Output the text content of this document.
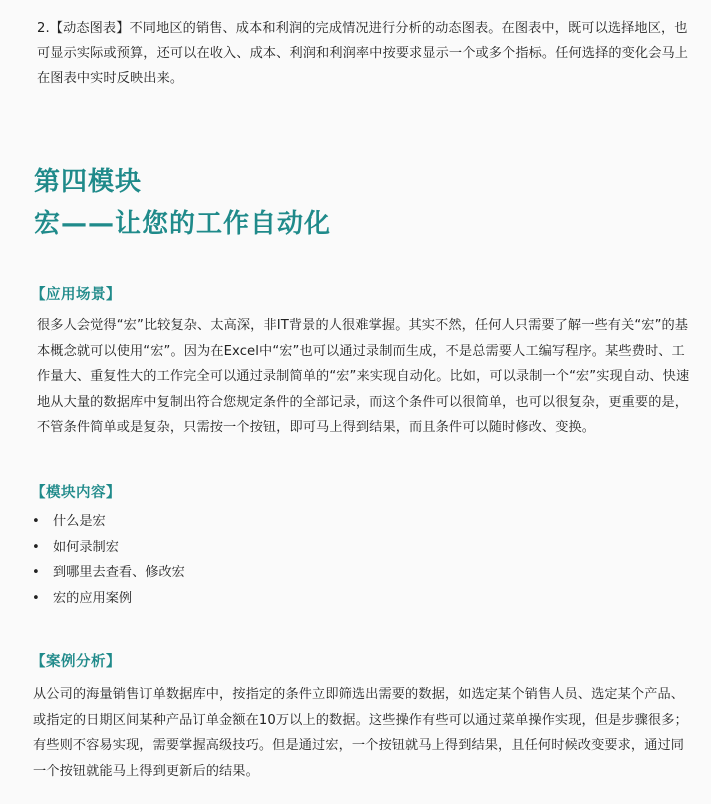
2.【动态图表】不同地区的销售、成本和利润的完成情况进行分析的动态图表。在图表中，既可以选择地区，也可显示实际或预算，还可以在收入、成本、利润和利润率中按要求显示一个或多个指标。任何选择的变化会马上在图表中实时反映出来。
第四模块
宏——让您的工作自动化
【应用场景】
很多人会觉得“宏”比较复杂、太高深，非IT背景的人很难掌握。其实不然，任何人只需要了解一些有关“宏”的基本概念就可以使用“宏”。因为在Excel中“宏”也可以通过录制而生成，不是总需要人工编写程序。某些费时、工作量大、重复性大的工作完全可以通过录制简单的“宏”来实现自动化。比如，可以录制一个“宏”实现自动、快速地从大量的数据库中复制出符合您规定条件的全部记录，而这个条件可以很简单，也可以很复杂，更重要的是，不管条件简单或是复杂，只需按一个按钮，即可马上得到结果，而且条件可以随时修改、变换。
【模块内容】
• 什么是宏
• 如何录制宏
• 到哪里去查看、修改宏
• 宏的应用案例
【案例分析】
从公司的海量销售订单数据库中，按指定的条件立即筛选出需要的数据，如选定某个销售人员、选定某个产品、或指定的日期区间某种产品订单金额在10万以上的数据。这些操作有些可以通过菜单操作实现，但是步骤很多；有些则不容易实现，需要掌握高级技巧。但是通过宏，一个按钮就马上得到结果，且任何时候改变要求，通过同一个按钮就能马上得到更新后的结果。
